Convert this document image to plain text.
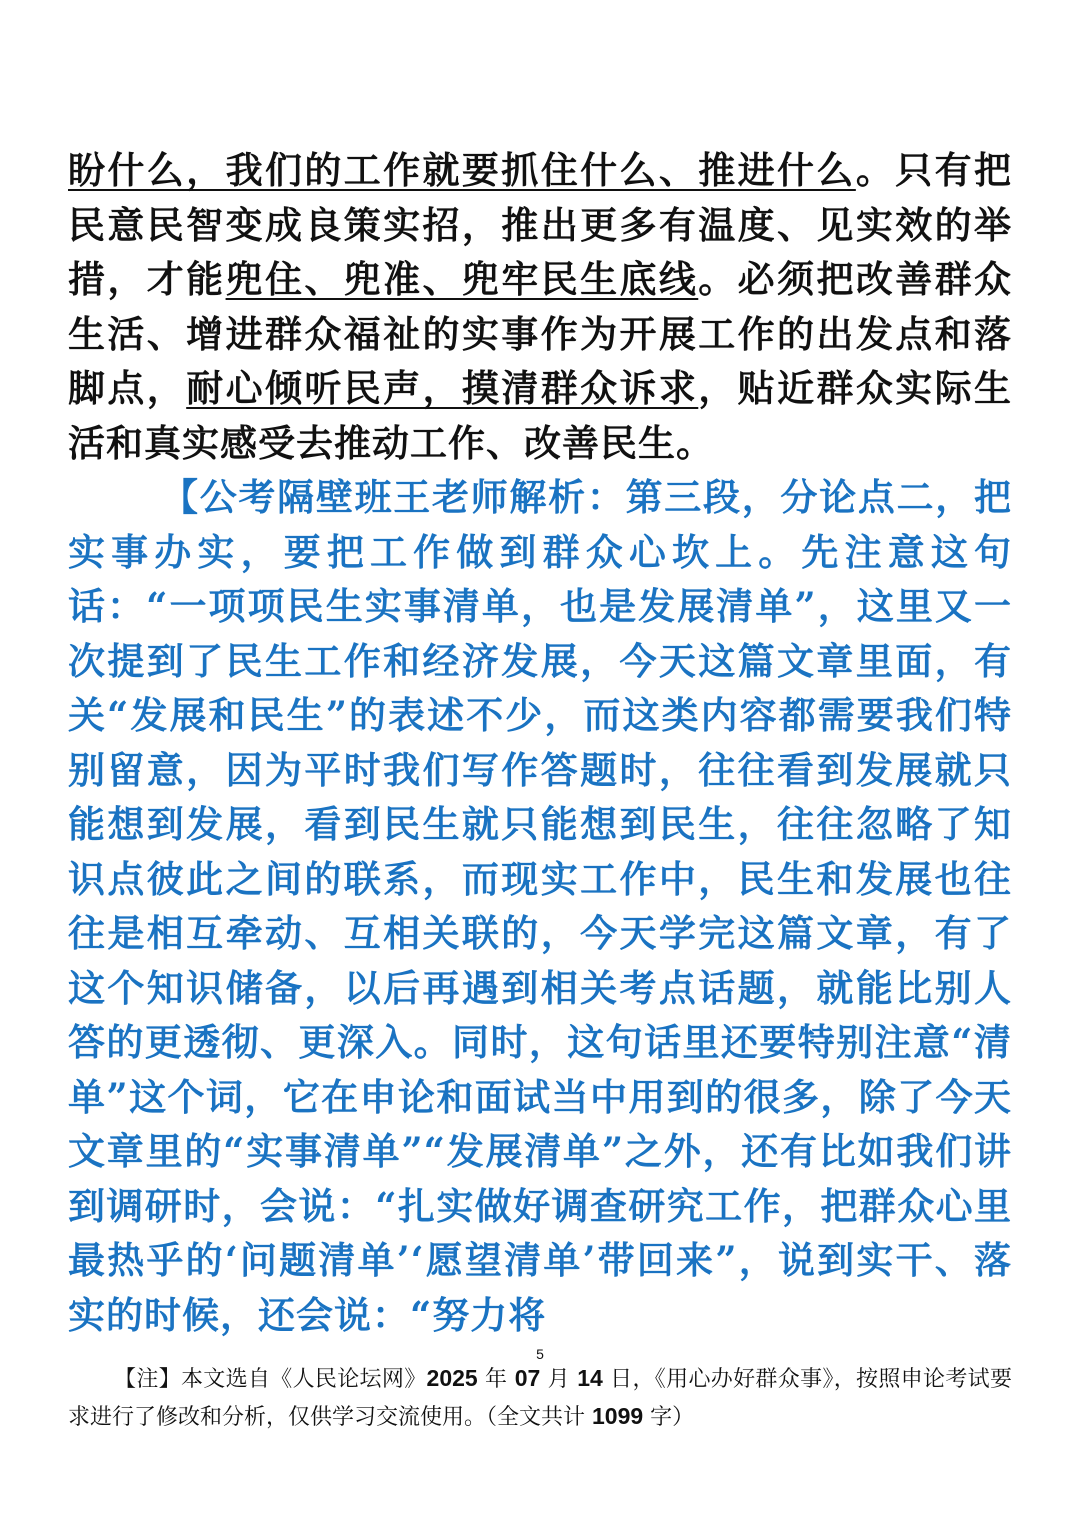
盼什么，我们的工作就要抓住什么、推进什么。只有把民意民智变成良策实招，推出更多有温度、见实效的举措，才能兜住、兜准、兜牢民生底线。必须把改善群众生活、增进群众福祉的实事作为开展工作的出发点和落脚点，耐心倾听民声，摸清群众诉求，贴近群众实际生活和真实感受去推动工作、改善民生。

【公考隔壁班王老师解析：第三段，分论点二，把实事办实，要把工作做到群众心坎上。先注意这句话：“一项项民生实事清单，也是发展清单”，这里又一次提到了民生工作和经济发展，今天这篇文章里面，有关“发展和民生”的表述不少，而这类内容都需要我们特别留意，因为平时我们写作答题时，往往看到发展就只能想到发展，看到民生就只能想到民生，往往忽略了知识点彼此之间的联系，而现实工作中，民生和发展也往往是相互牵动、互相关联的，今天学完这篇文章，有了这个知识储备，以后再遇到相关考点话题，就能比别人答的更透彻、更深入。同时，这句话里还要特别注意“清单”这个词，它在申论和面试当中用到的很多，除了今天文章里的“实事清单”“发展清单”之外，还有比如我们讲到调研时，会说：“扎实做好调查研究工作，把群众心里最热乎的‘问题清单’‘愿望清单’带回来”，说到实干、落实的时候，还会说：“努力将

5

【注】本文选自《人民论坛网》2025 年 07 月 14 日，《用心办好群众事》，按照申论考试要求进行了修改和分析，仅供学习交流使用。（全文共计 1099 字）
